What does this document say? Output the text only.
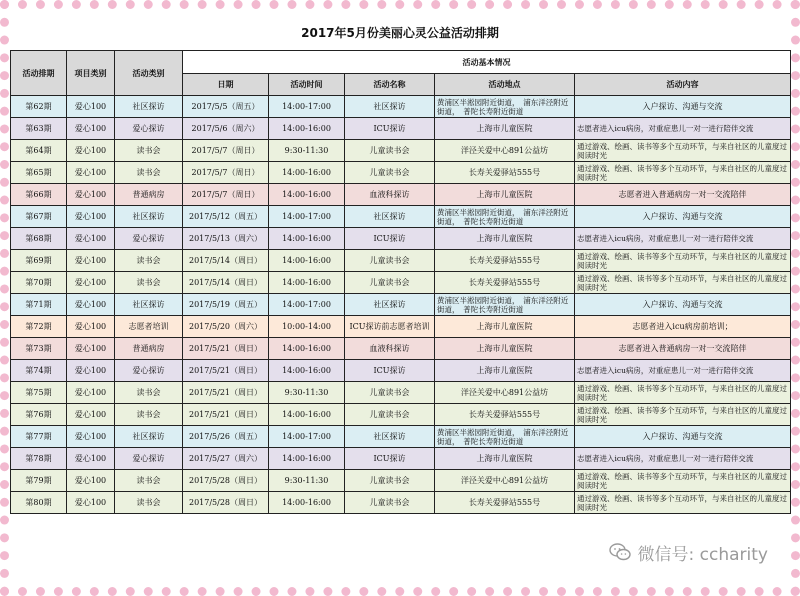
2017年5月份美丽心灵公益活动排期
活动排期	项目类别	活动类别	活动基本情况				
			日期	活动时间	活动名称	活动地点	活动内容
第62期	爱心100	社区探访	2017/5/5（周五）	14:00-17:00	社区探访	黄浦区半淞园附近街道，　浦东洋泾附近街道，　普陀长寿附近街道	入户探访、沟通与交流
第63期	爱心100	爱心探访	2017/5/6（周六）	14:00-16:00	ICU探访	上海市儿童医院	志愿者进入icu病房，对重症患儿一对一进行陪伴交流
第64期	爱心100	读书会	2017/5/7（周日）	9:30-11:30	儿童读书会	洋泾关爱中心891公益坊	通过游戏、绘画、读书等多个互动环节，与来自社区的儿童度过阅读时光
第65期	爱心100	读书会	2017/5/7（周日）	14:00-16:00	儿童读书会	长寿关爱驿站555号	通过游戏、绘画、读书等多个互动环节，与来自社区的儿童度过阅读时光
第66期	爱心100	普通病房	2017/5/7（周日）	14:00-16:00	血液科探访	上海市儿童医院	志愿者进入普通病房一对一交流陪伴
第67期	爱心100	社区探访	2017/5/12（周五）	14:00-17:00	社区探访	黄浦区半淞园附近街道，　浦东洋泾附近街道，　普陀长寿附近街道	入户探访、沟通与交流
第68期	爱心100	爱心探访	2017/5/13（周六）	14:00-16:00	ICU探访	上海市儿童医院	志愿者进入icu病房，对重症患儿一对一进行陪伴交流
第69期	爱心100	读书会	2017/5/14（周日）	14:00-16:00	儿童读书会	长寿关爱驿站555号	通过游戏、绘画、读书等多个互动环节，与来自社区的儿童度过阅读时光
第70期	爱心100	读书会	2017/5/14（周日）	14:00-16:00	儿童读书会	长寿关爱驿站555号	通过游戏、绘画、读书等多个互动环节，与来自社区的儿童度过阅读时光
第71期	爱心100	社区探访	2017/5/19（周五）	14:00-17:00	社区探访	黄浦区半淞园附近街道，　浦东洋泾附近街道，　普陀长寿附近街道	入户探访、沟通与交流
第72期	爱心100	志愿者培训	2017/5/20（周六）	10:00-14:00	ICU探访前志愿者培训	上海市儿童医院	志愿者进入icu病房前培训；
第73期	爱心100	普通病房	2017/5/21（周日）	14:00-16:00	血液科探访	上海市儿童医院	志愿者进入普通病房一对一交流陪伴
第74期	爱心100	爱心探访	2017/5/21（周日）	14:00-16:00	ICU探访	上海市儿童医院	志愿者进入icu病房，对重症患儿一对一进行陪伴交流
第75期	爱心100	读书会	2017/5/21（周日）	9:30-11:30	儿童读书会	洋泾关爱中心891公益坊	通过游戏、绘画、读书等多个互动环节，与来自社区的儿童度过阅读时光
第76期	爱心100	读书会	2017/5/21（周日）	14:00-16:00	儿童读书会	长寿关爱驿站555号	通过游戏、绘画、读书等多个互动环节，与来自社区的儿童度过阅读时光
第77期	爱心100	社区探访	2017/5/26（周五）	14:00-17:00	社区探访	黄浦区半淞园附近街道，　浦东洋泾附近街道，　普陀长寿附近街道	入户探访、沟通与交流
第78期	爱心100	爱心探访	2017/5/27（周六）	14:00-16:00	ICU探访	上海市儿童医院	志愿者进入icu病房，对重症患儿一对一进行陪伴交流
第79期	爱心100	读书会	2017/5/28（周日）	9:30-11:30	儿童读书会	洋泾关爱中心891公益坊	通过游戏、绘画、读书等多个互动环节，与来自社区的儿童度过阅读时光
第80期	爱心100	读书会	2017/5/28（周日）	14:00-16:00	儿童读书会	长寿关爱驿站555号	通过游戏、绘画、读书等多个互动环节，与来自社区的儿童度过阅读时光
微信号: ccharity
